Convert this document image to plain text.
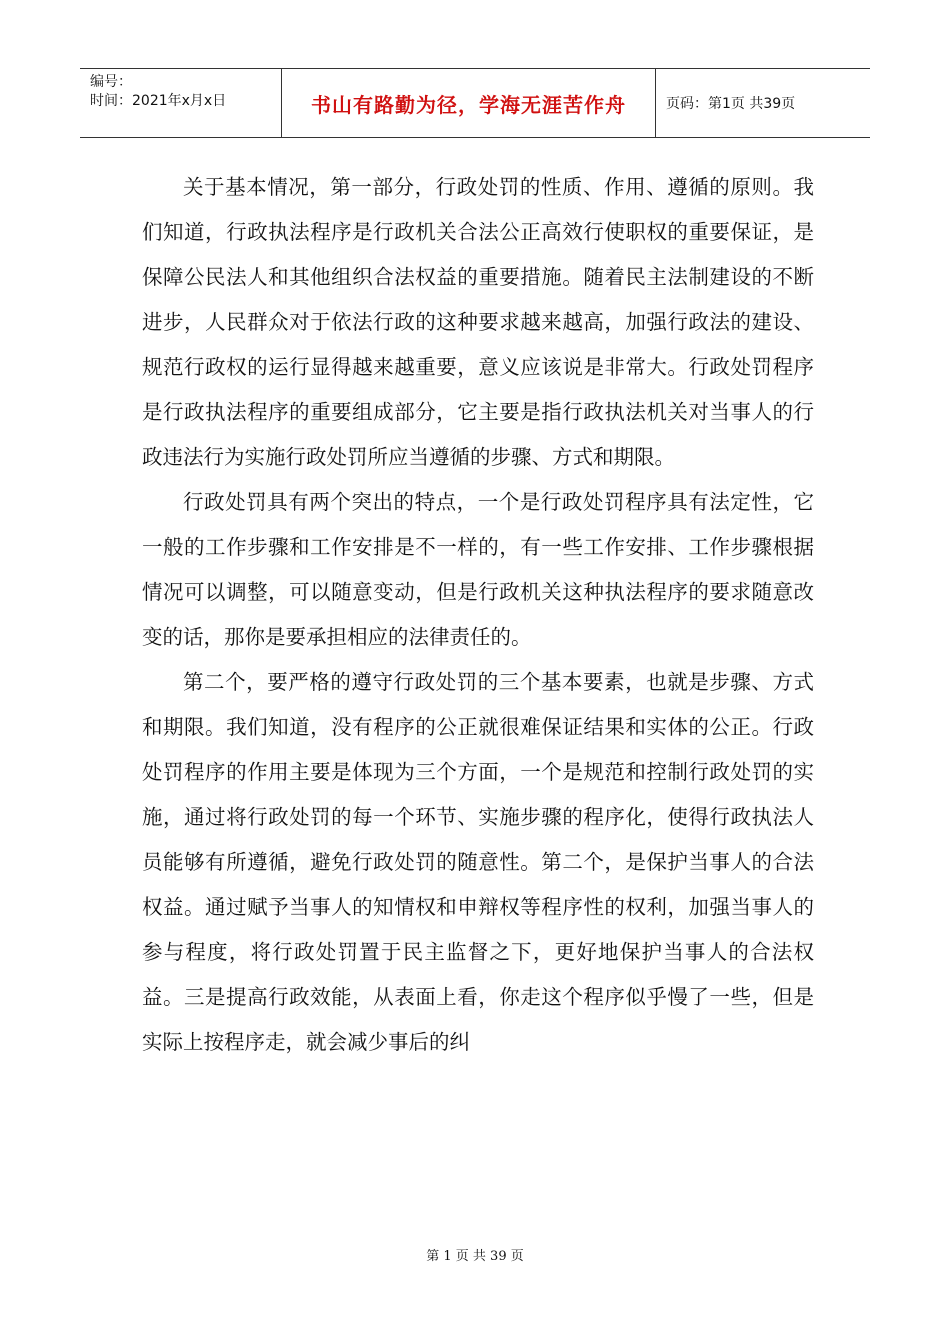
编号：
时间：2021年x月x日	书山有路勤为径，学海无涯苦作舟	页码：第1页 共39页

关于基本情况，第一部分，行政处罚的性质、作用、遵循的原则。我们知道，行政执法程序是行政机关合法公正高效行使职权的重要保证，是保障公民法人和其他组织合法权益的重要措施。随着民主法制建设的不断进步，人民群众对于依法行政的这种要求越来越高，加强行政法的建设、规范行政权的运行显得越来越重要，意义应该说是非常大。行政处罚程序是行政执法程序的重要组成部分，它主要是指行政执法机关对当事人的行政违法行为实施行政处罚所应当遵循的步骤、方式和期限。

行政处罚具有两个突出的特点，一个是行政处罚程序具有法定性，它一般的工作步骤和工作安排是不一样的，有一些工作安排、工作步骤根据情况可以调整，可以随意变动，但是行政机关这种执法程序的要求随意改变的话，那你是要承担相应的法律责任的。

第二个，要严格的遵守行政处罚的三个基本要素，也就是步骤、方式和期限。我们知道，没有程序的公正就很难保证结果和实体的公正。行政处罚程序的作用主要是体现为三个方面，一个是规范和控制行政处罚的实施，通过将行政处罚的每一个环节、实施步骤的程序化，使得行政执法人员能够有所遵循，避免行政处罚的随意性。第二个，是保护当事人的合法权益。通过赋予当事人的知情权和申辩权等程序性的权利，加强当事人的参与程度，将行政处罚置于民主监督之下，更好地保护当事人的合法权益。三是提高行政效能，从表面上看，你走这个程序似乎慢了一些，但是实际上按程序走，就会减少事后的纠

第 1 页 共 39 页
